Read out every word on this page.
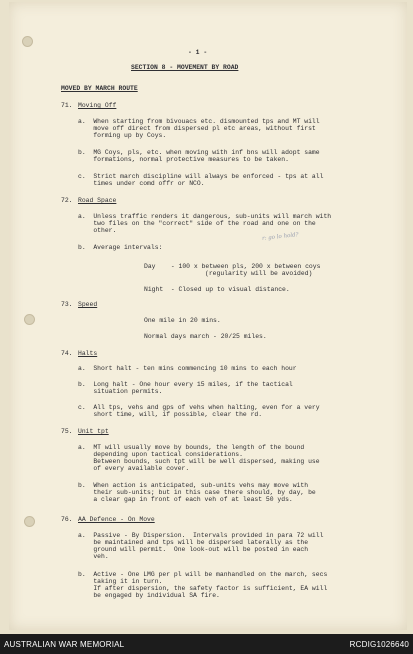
- 1 -
SECTION 8 - MOVEMENT BY ROAD
MOVED BY MARCH ROUTE
71. Moving Off
a.  When starting from bivouacs etc. dismounted tps and MT will
move off direct from dispersed pl etc areas, without first
forming up by Coys.
b.  MG Coys, pls, etc. when moving with inf bns will adopt same
formations, normal protective measures to be taken.
c.  Strict march discipline will always be enforced - tps at all
times under comd offr or NCO.
72. Road Space
a.  Unless traffic renders it dangerous, sub-units will march with
two files on the "correct" side of the road and one on the
other.
r: go lo hold?
b.  Average intervals:
Day    - 100 x between pls, 200 x between coys
(regularity will be avoided)
Night  - Closed up to visual distance.
73. Speed
One mile in 20 mins.
Normal days march - 20/25 miles.
74. Halts
a.  Short halt - ten mins commencing 10 mins to each hour
b.  Long halt - One hour every 15 miles, if the tactical
situation permits.
c.  All tps, vehs and gps of vehs when halting, even for a very
short time, will, if possible, clear the rd.
75. Unit tpt
a.  MT will usually move by bounds, the length of the bound
depending upon tactical considerations.
Between bounds, such tpt will be well dispersed, making use
of every available cover.
b.  When action is anticipated, sub-units vehs may move with
their sub-units; but in this case there should, by day, be
a clear gap in front of each veh of at least 50 yds.
76. AA Defence - On Move
a.  Passive - By Dispersion.  Intervals provided in para 72 will
be maintained and tps will be dispersed laterally as the
ground will permit.  One look-out will be posted in each
veh.
b.  Active - One LMG per pl will be manhandled on the march, secs
taking it in turn.
If after dispersion, the safety factor is sufficient, EA will
be engaged by individual SA fire.
AUSTRALIAN WAR MEMORIAL	RCDIG1026640
